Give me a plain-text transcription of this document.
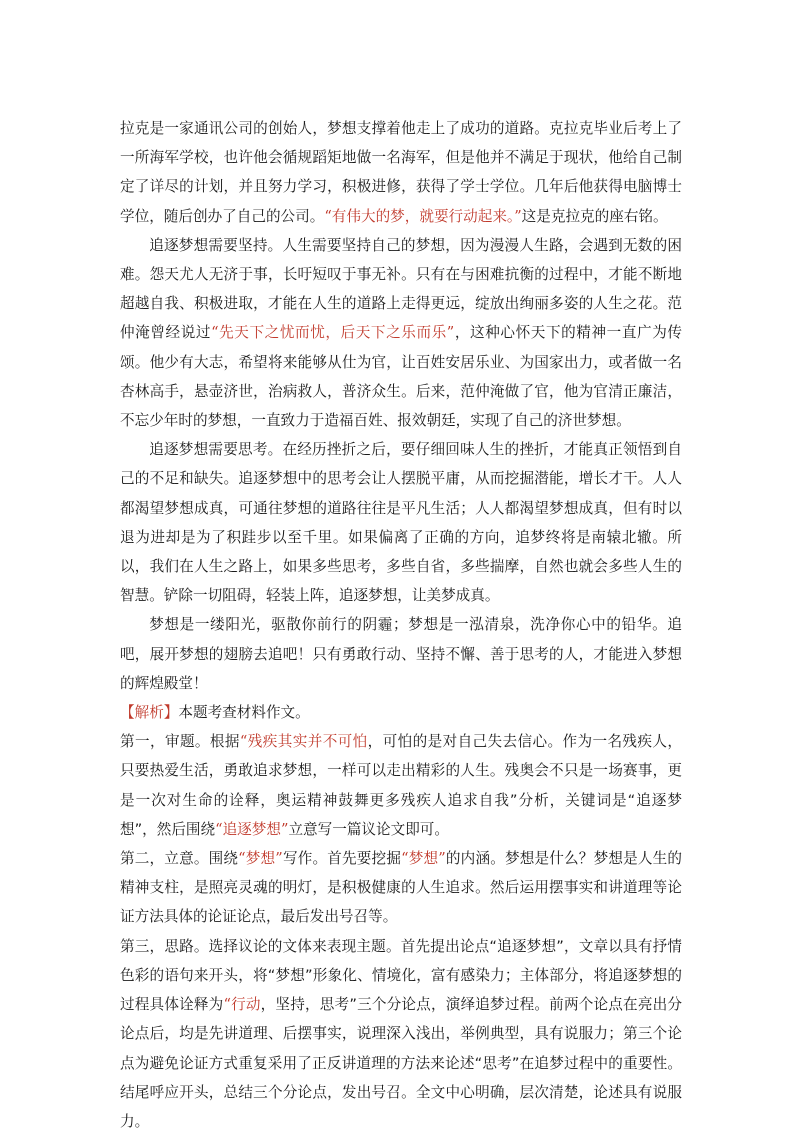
拉克是一家通讯公司的创始人，梦想支撑着他走上了成功的道路。克拉克毕业后考上了一所海军学校，也许他会循规蹈矩地做一名海军，但是他并不满足于现状，他给自己制定了详尽的计划，并且努力学习，积极进修，获得了学士学位。几年后他获得电脑博士学位，随后创办了自己的公司。“有伟大的梦，就要行动起来。”这是克拉克的座右铭。

追逐梦想需要坚持。人生需要坚持自己的梦想，因为漫漫人生路，会遇到无数的困难。怨天尤人无济于事，长吁短叹于事无补。只有在与困难抗衡的过程中，才能不断地超越自我、积极进取，才能在人生的道路上走得更远，绽放出绚丽多姿的人生之花。范仲淹曾经说过“先天下之忧而忧，后天下之乐而乐”，这种心怀天下的精神一直广为传颂。他少有大志，希望将来能够从仕为官，让百姓安居乐业、为国家出力，或者做一名杏林高手，悬壶济世，治病救人，普济众生。后来，范仲淹做了官，他为官清正廉洁，不忘少年时的梦想，一直致力于造福百姓、报效朝廷，实现了自己的济世梦想。

追逐梦想需要思考。在经历挫折之后，要仔细回味人生的挫折，才能真正领悟到自己的不足和缺失。追逐梦想中的思考会让人摆脱平庸，从而挖掘潜能，增长才干。人人都渴望梦想成真，可通往梦想的道路往往是平凡生活；人人都渴望梦想成真，但有时以退为进却是为了积跬步以至千里。如果偏离了正确的方向，追梦终将是南辕北辙。所以，我们在人生之路上，如果多些思考，多些自省，多些揣摩，自然也就会多些人生的智慧。铲除一切阻碍，轻装上阵，追逐梦想，让美梦成真。

梦想是一缕阳光，驱散你前行的阴霾；梦想是一泓清泉，洗净你心中的铅华。追吧，展开梦想的翅膀去追吧！只有勇敢行动、坚持不懈、善于思考的人，才能进入梦想的辉煌殿堂！

【解析】本题考查材料作文。

第一，审题。根据“残疾其实并不可怕，可怕的是对自己失去信心。作为一名残疾人，只要热爱生活，勇敢追求梦想，一样可以走出精彩的人生。残奥会不只是一场赛事，更是一次对生命的诠释，奥运精神鼓舞更多残疾人追求自我”分析，关键词是“追逐梦想”，然后围绕“追逐梦想”立意写一篇议论文即可。

第二，立意。围绕“梦想”写作。首先要挖掘“梦想”的内涵。梦想是什么？梦想是人生的精神支柱，是照亮灵魂的明灯，是积极健康的人生追求。然后运用摆事实和讲道理等论证方法具体的论证论点，最后发出号召等。

第三，思路。选择议论的文体来表现主题。首先提出论点“追逐梦想”，文章以具有抒情色彩的语句来开头，将“梦想”形象化、情境化，富有感染力；主体部分，将追逐梦想的过程具体诠释为“行动，坚持，思考”三个分论点，演绎追梦过程。前两个论点在亮出分论点后，均是先讲道理、后摆事实，说理深入浅出，举例典型，具有说服力；第三个论点为避免论证方式重复采用了正反讲道理的方法来论述“思考”在追梦过程中的重要性。结尾呼应开头，总结三个分论点，发出号召。全文中心明确，层次清楚，论述具有说服力。
